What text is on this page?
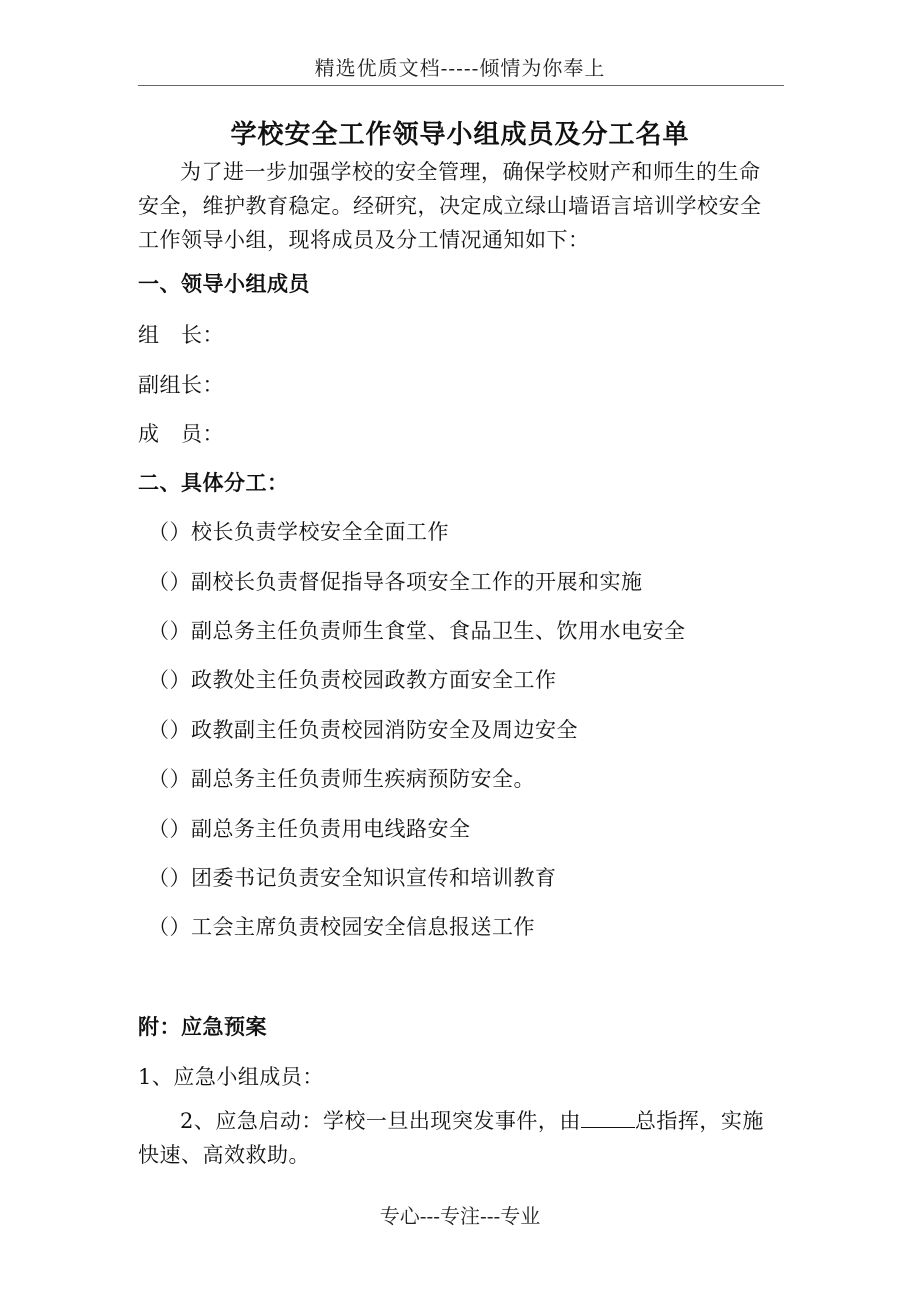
精选优质文档-----倾情为你奉上
学校安全工作领导小组成员及分工名单

为了进一步加强学校的安全管理，确保学校财产和师生的生命安全，维护教育稳定。经研究，决定成立绿山墙语言培训学校安全工作领导小组，现将成员及分工情况通知如下：

一、领导小组成员
组　长：
副组长：
成　员：
二、具体分工：
（）校长负责学校安全全面工作
（）副校长负责督促指导各项安全工作的开展和实施
（）副总务主任负责师生食堂、食品卫生、饮用水电安全
（）政教处主任负责校园政教方面安全工作
（）政教副主任负责校园消防安全及周边安全
（）副总务主任负责师生疾病预防安全。
（）副总务主任负责用电线路安全
（）团委书记负责安全知识宣传和培训教育
（）工会主席负责校园安全信息报送工作
附：应急预案
1、应急小组成员：

2、应急启动：学校一旦出现突发事件，由	总指挥，实施快速、高效救助。

专心---专注---专业
